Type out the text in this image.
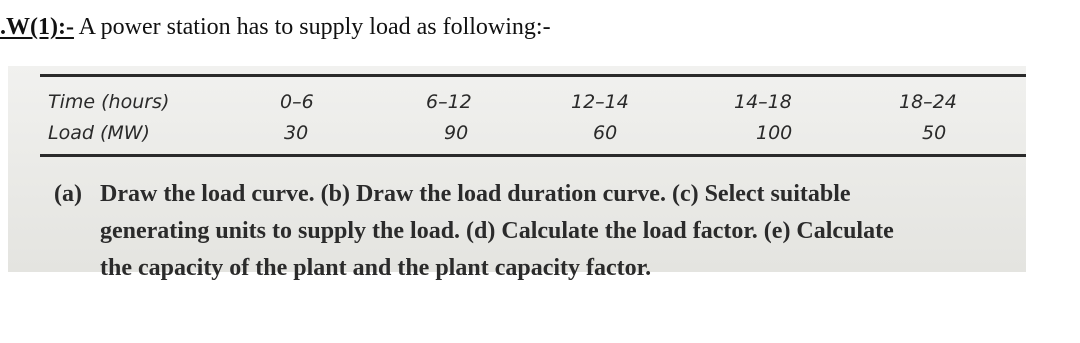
.W(1):- A power station has to supply load as following:-
Time (hours)	0–6	6–12	12–14	14–18	18–24
Load (MW)	30	90	60	100	50
(a) Draw the load curve. (b) Draw the load duration curve. (c) Select suitable
generating units to supply the load. (d) Calculate the load factor. (e) Calculate
the capacity of the plant and the plant capacity factor.
